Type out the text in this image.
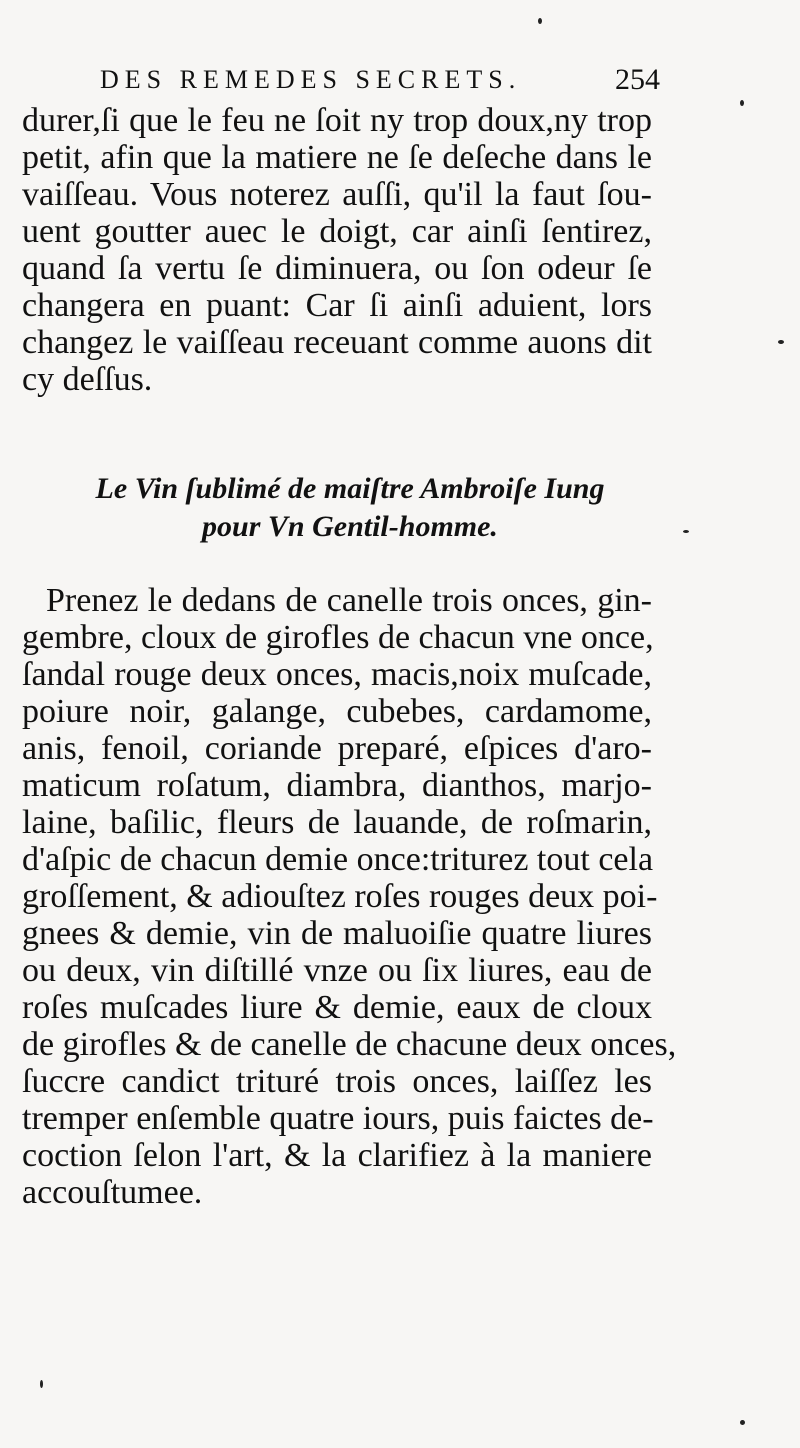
DES REMEDES SECRETS.	254
durer,ſi que le feu ne ſoit ny trop doux,ny trop
petit, afin que la matiere ne ſe deſeche dans le
vaiſſeau. Vous noterez auſſi, qu'il la faut ſou-
uent goutter auec le doigt, car ainſi ſentirez,
quand ſa vertu ſe diminuera, ou ſon odeur ſe
changera en puant: Car ſi ainſi aduient, lors
changez le vaiſſeau receuant comme auons dit
cy deſſus.
Le Vin ſublimé de maiſtre Ambroiſe Iung
pour Vn Gentil-homme.
Prenez le dedans de canelle trois onces, gin-
gembre, cloux de girofles de chacun vne once,
ſandal rouge deux onces, macis,noix muſcade,
poiure noir, galange, cubebes, cardamome,
anis, fenoil, coriande preparé, eſpices d'aro-
maticum roſatum, diambra, dianthos, marjo-
laine, baſilic, fleurs de lauande, de roſmarin,
d'aſpic de chacun demie once:triturez tout cela
groſſement, & adiouſtez roſes rouges deux poi-
gnees & demie, vin de maluoiſie quatre liures
ou deux, vin diſtillé vnze ou ſix liures, eau de
roſes muſcades liure & demie, eaux de cloux
de girofles & de canelle de chacune deux onces,
ſuccre candict trituré trois onces, laiſſez les
tremper enſemble quatre iours, puis faictes de-
coction ſelon l'art, & la clarifiez à la maniere
accouſtumee.
